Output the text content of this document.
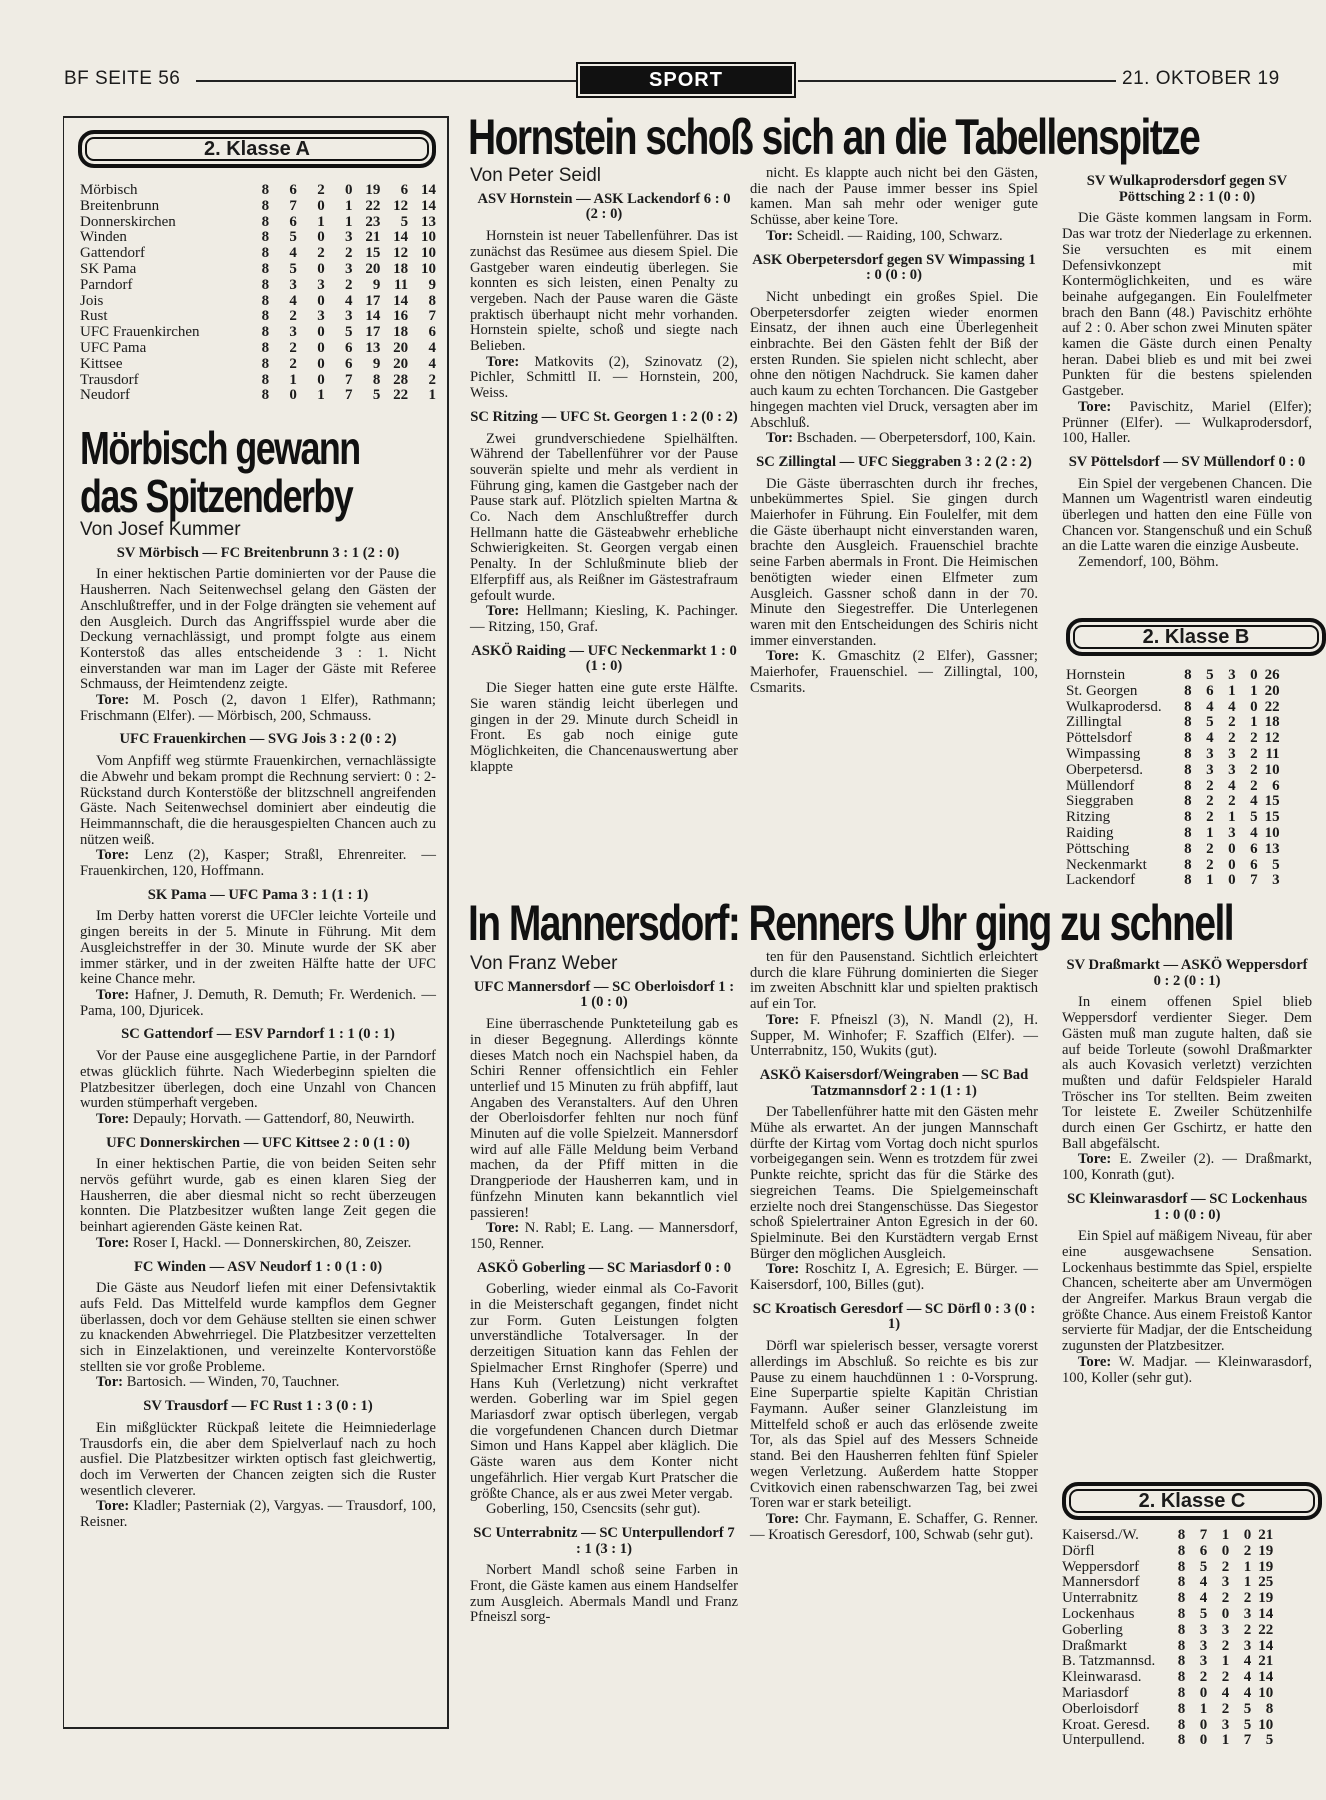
BF SEITE 56	SPORT	21. OKTOBER 19
2. Klasse A
Mörbisch	8	6	2	0	19	6	14
Breitenbrunn	8	7	0	1	22	12	14
Donnerskirchen	8	6	1	1	23	5	13
Winden	8	5	0	3	21	14	10
Gattendorf	8	4	2	2	15	12	10
SK Pama	8	5	0	3	20	18	10
Parndorf	8	3	3	2	9	11	9
Jois	8	4	0	4	17	14	8
Rust	8	2	3	3	14	16	7
UFC Frauenkirchen	8	3	0	5	17	18	6
UFC Pama	8	2	0	6	13	20	4
Kittsee	8	2	0	6	9	20	4
Trausdorf	8	1	0	7	8	28	2
Neudorf	8	0	1	7	5	22	1
Mörbisch gewann
das Spitzenderby
Von Josef Kummer
SV Mörbisch — FC Breitenbrunn 3 : 1 (2 : 0)
In einer hektischen Partie dominierten vor der Pause die Hausherren. Nach Seitenwechsel gelang den Gästen der Anschlußtreffer, und in der Folge drängten sie vehement auf den Ausgleich. Durch das Angriffsspiel wurde aber die Deckung vernachlässigt, und prompt folgte aus einem Konterstoß das alles entscheidende 3 : 1. Nicht einverstanden war man im Lager der Gäste mit Referee Schmauss, der Heimtendenz zeigte.
Tore: M. Posch (2, davon 1 Elfer), Rathmann; Frischmann (Elfer). — Mörbisch, 200, Schmauss.
UFC Frauenkirchen — SVG Jois 3 : 2 (0 : 2)
Vom Anpfiff weg stürmte Frauenkirchen, vernachlässigte die Abwehr und bekam prompt die Rechnung serviert: 0 : 2-Rückstand durch Konterstöße der blitzschnell angreifenden Gäste. Nach Seitenwechsel dominiert aber eindeutig die Heimmannschaft, die die herausgespielten Chancen auch zu nützen weiß.
Tore: Lenz (2), Kasper; Straßl, Ehrenreiter. — Frauenkirchen, 120, Hoffmann.
SK Pama — UFC Pama 3 : 1 (1 : 1)
Im Derby hatten vorerst die UFCler leichte Vorteile und gingen bereits in der 5. Minute in Führung. Mit dem Ausgleichstreffer in der 30. Minute wurde der SK aber immer stärker, und in der zweiten Hälfte hatte der UFC keine Chance mehr.
Tore: Hafner, J. Demuth, R. Demuth; Fr. Werdenich. — Pama, 100, Djuricek.
SC Gattendorf — ESV Parndorf 1 : 1 (0 : 1)
Vor der Pause eine ausgeglichene Partie, in der Parndorf etwas glücklich führte. Nach Wiederbeginn spielten die Platzbesitzer überlegen, doch eine Unzahl von Chancen wurden stümperhaft vergeben.
Tore: Depauly; Horvath. — Gattendorf, 80, Neuwirth.
UFC Donnerskirchen — UFC Kittsee 2 : 0 (1 : 0)
In einer hektischen Partie, die von beiden Seiten sehr nervös geführt wurde, gab es einen klaren Sieg der Hausherren, die aber diesmal nicht so recht überzeugen konnten. Die Platzbesitzer wußten lange Zeit gegen die beinhart agierenden Gäste keinen Rat.
Tore: Roser I, Hackl. — Donnerskirchen, 80, Zeiszer.
FC Winden — ASV Neudorf 1 : 0 (1 : 0)
Die Gäste aus Neudorf liefen mit einer Defensivtaktik aufs Feld. Das Mittelfeld wurde kampflos dem Gegner überlassen, doch vor dem Gehäuse stellten sie einen schwer zu knackenden Abwehrriegel. Die Platzbesitzer verzettelten sich in Einzelaktionen, und vereinzelte Kontervorstöße stellten sie vor große Probleme.
Tor: Bartosich. — Winden, 70, Tauchner.
SV Trausdorf — FC Rust 1 : 3 (0 : 1)
Ein mißglückter Rückpaß leitete die Heimniederlage Trausdorfs ein, die aber dem Spielverlauf nach zu hoch ausfiel. Die Platzbesitzer wirkten optisch fast gleichwertig, doch im Verwerten der Chancen zeigten sich die Ruster wesentlich cleverer.
Tore: Kladler; Pasterniak (2), Vargyas. — Trausdorf, 100, Reisner.
Hornstein schoß sich an die Tabellenspitze
Von Peter Seidl
ASV Hornstein — ASK Lackendorf 6 : 0 (2 : 0)
Hornstein ist neuer Tabellenführer. Das ist zunächst das Resümee aus diesem Spiel. Die Gastgeber waren eindeutig überlegen. Sie konnten es sich leisten, einen Penalty zu vergeben. Nach der Pause waren die Gäste praktisch überhaupt nicht mehr vorhanden. Hornstein spielte, schoß und siegte nach Belieben.
Tore: Matkovits (2), Szinovatz (2), Pichler, Schmittl II. — Hornstein, 200, Weiss.
SC Ritzing — UFC St. Georgen 1 : 2 (0 : 2)
Zwei grundverschiedene Spielhälften. Während der Tabellenführer vor der Pause souverän spielte und mehr als verdient in Führung ging, kamen die Gastgeber nach der Pause stark auf. Plötzlich spielten Martna & Co. Nach dem Anschlußtreffer durch Hellmann hatte die Gästeabwehr erhebliche Schwierigkeiten. St. Georgen vergab einen Penalty. In der Schlußminute blieb der Elferpfiff aus, als Reißner im Gästestrafraum gefoult wurde.
Tore: Hellmann; Kiesling, K. Pachinger. — Ritzing, 150, Graf.
ASKÖ Raiding — UFC Neckenmarkt 1 : 0 (1 : 0)
Die Sieger hatten eine gute erste Hälfte. Sie waren ständig leicht überlegen und gingen in der 29. Minute durch Scheidl in Front. Es gab noch einige gute Möglichkeiten, die Chancenauswertung aber klappte
nicht. Es klappte auch nicht bei den Gästen, die nach der Pause immer besser ins Spiel kamen. Man sah mehr oder weniger gute Schüsse, aber keine Tore.
Tor: Scheidl. — Raiding, 100, Schwarz.
ASK Oberpetersdorf gegen SV Wimpassing 1 : 0 (0 : 0)
Nicht unbedingt ein großes Spiel. Die Oberpetersdorfer zeigten wieder enormen Einsatz, der ihnen auch eine Überlegenheit einbrachte. Bei den Gästen fehlt der Biß der ersten Runden. Sie spielen nicht schlecht, aber ohne den nötigen Nachdruck. Sie kamen daher auch kaum zu echten Torchancen. Die Gastgeber hingegen machten viel Druck, versagten aber im Abschluß.
Tor: Bschaden. — Oberpetersdorf, 100, Kain.
SC Zillingtal — UFC Sieggraben 3 : 2 (2 : 2)
Die Gäste überraschten durch ihr freches, unbekümmertes Spiel. Sie gingen durch Maierhofer in Führung. Ein Foulelfer, mit dem die Gäste überhaupt nicht einverstanden waren, brachte den Ausgleich. Frauenschiel brachte seine Farben abermals in Front. Die Heimischen benötigten wieder einen Elfmeter zum Ausgleich. Gassner schoß dann in der 70. Minute den Siegestreffer. Die Unterlegenen waren mit den Entscheidungen des Schiris nicht immer einverstanden.
Tore: K. Gmaschitz (2 Elfer), Gassner; Maierhofer, Frauenschiel. — Zillingtal, 100, Csmarits.
SV Wulkaprodersdorf gegen SV Pöttsching 2 : 1 (0 : 0)
Die Gäste kommen langsam in Form. Das war trotz der Niederlage zu erkennen. Sie versuchten es mit einem Defensivkonzept mit Kontermöglichkeiten, und es wäre beinahe aufgegangen. Ein Foulelfmeter brach den Bann (48.) Pavischitz erhöhte auf 2 : 0. Aber schon zwei Minuten später kamen die Gäste durch einen Penalty heran. Dabei blieb es und mit bei zwei Punkten für die bestens spielenden Gastgeber.
Tore: Pavischitz, Mariel (Elfer); Prünner (Elfer). — Wulkaprodersdorf, 100, Haller.
SV Pöttelsdorf — SV Müllendorf 0 : 0
Ein Spiel der vergebenen Chancen. Die Mannen um Wagentristl waren eindeutig überlegen und hatten den eine Fülle von Chancen vor. Stangenschuß und ein Schuß an die Latte waren die einzige Ausbeute.
Zemendorf, 100, Böhm.
2. Klasse B
Hornstein	8	5	3	0	26
St. Georgen	8	6	1	1	20
Wulkaprodersd.	8	4	4	0	22
Zillingtal	8	5	2	1	18
Pöttelsdorf	8	4	2	2	12
Wimpassing	8	3	3	2	11
Oberpetersd.	8	3	3	2	10
Müllendorf	8	2	4	2	6
Sieggraben	8	2	2	4	15
Ritzing	8	2	1	5	15
Raiding	8	1	3	4	10
Pöttsching	8	2	0	6	13
Neckenmarkt	8	2	0	6	5
Lackendorf	8	1	0	7	3
In Mannersdorf: Renners Uhr ging zu schnell
Von Franz Weber
UFC Mannersdorf — SC Oberloisdorf 1 : 1 (0 : 0)
Eine überraschende Punkteteilung gab es in dieser Begegnung. Allerdings könnte dieses Match noch ein Nachspiel haben, da Schiri Renner offensichtlich ein Fehler unterlief und 15 Minuten zu früh abpfiff, laut Angaben des Veranstalters. Auf den Uhren der Oberloisdorfer fehlten nur noch fünf Minuten auf die volle Spielzeit. Mannersdorf wird auf alle Fälle Meldung beim Verband machen, da der Pfiff mitten in die Drangperiode der Hausherren kam, und in fünfzehn Minuten kann bekanntlich viel passieren!
Tore: N. Rabl; E. Lang. — Mannersdorf, 150, Renner.
ASKÖ Goberling — SC Mariasdorf 0 : 0
Goberling, wieder einmal als Co-Favorit in die Meisterschaft gegangen, findet nicht zur Form. Guten Leistungen folgten unverständliche Totalversager. In der derzeitigen Situation kann das Fehlen der Spielmacher Ernst Ringhofer (Sperre) und Hans Kuh (Verletzung) nicht verkraftet werden. Goberling war im Spiel gegen Mariasdorf zwar optisch überlegen, vergab die vorgefundenen Chancen durch Dietmar Simon und Hans Kappel aber kläglich. Die Gäste waren aus dem Konter nicht ungefährlich. Hier vergab Kurt Pratscher die größte Chance, als er aus zwei Meter vergab.
Goberling, 150, Csencsits (sehr gut).
SC Unterrabnitz — SC Unterpullendorf 7 : 1 (3 : 1)
Norbert Mandl schoß seine Farben in Front, die Gäste kamen aus einem Handselfer zum Ausgleich. Abermals Mandl und Franz Pfneiszl sorg-
ten für den Pausenstand. Sichtlich erleichtert durch die klare Führung dominierten die Sieger im zweiten Abschnitt klar und spielten praktisch auf ein Tor.
Tore: F. Pfneiszl (3), N. Mandl (2), H. Supper, M. Winhofer; F. Szaffich (Elfer). — Unterrabnitz, 150, Wukits (gut).
ASKÖ Kaisersdorf/Weingraben — SC Bad Tatzmannsdorf 2 : 1 (1 : 1)
Der Tabellenführer hatte mit den Gästen mehr Mühe als erwartet. An der jungen Mannschaft dürfte der Kirtag vom Vortag doch nicht spurlos vorbeigegangen sein. Wenn es trotzdem für zwei Punkte reichte, spricht das für die Stärke des siegreichen Teams. Die Spielgemeinschaft erzielte noch drei Stangenschüsse. Das Siegestor schoß Spielertrainer Anton Egresich in der 60. Spielminute. Bei den Kurstädtern vergab Ernst Bürger den möglichen Ausgleich.
Tore: Roschitz I, A. Egresich; E. Bürger. — Kaisersdorf, 100, Billes (gut).
SC Kroatisch Geresdorf — SC Dörfl 0 : 3 (0 : 1)
Dörfl war spielerisch besser, versagte vorerst allerdings im Abschluß. So reichte es bis zur Pause zu einem hauchdünnen 1 : 0-Vorsprung. Eine Superpartie spielte Kapitän Christian Faymann. Außer seiner Glanzleistung im Mittelfeld schoß er auch das erlösende zweite Tor, als das Spiel auf des Messers Schneide stand. Bei den Hausherren fehlten fünf Spieler wegen Verletzung. Außerdem hatte Stopper Cvitkovich einen rabenschwarzen Tag, bei zwei Toren war er stark beteiligt.
Tore: Chr. Faymann, E. Schaffer, G. Renner. — Kroatisch Geresdorf, 100, Schwab (sehr gut).
SV Draßmarkt — ASKÖ Weppersdorf 0 : 2 (0 : 1)
In einem offenen Spiel blieb Weppersdorf verdienter Sieger. Dem Gästen muß man zugute halten, daß sie auf beide Torleute (sowohl Draßmarkter als auch Kovasich verletzt) verzichten mußten und dafür Feldspieler Harald Tröscher ins Tor stellten. Beim zweiten Tor leistete E. Zweiler Schützenhilfe durch einen Ger Gschirtz, er hatte den Ball abgefälscht.
Tore: E. Zweiler (2). — Draßmarkt, 100, Konrath (gut).
SC Kleinwarasdorf — SC Lockenhaus 1 : 0 (0 : 0)
Ein Spiel auf mäßigem Niveau, für aber eine ausgewachsene Sensation. Lockenhaus bestimmte das Spiel, erspielte Chancen, scheiterte aber am Unvermögen der Angreifer. Markus Braun vergab die größte Chance. Aus einem Freistoß Kantor servierte für Madjar, der die Entscheidung zugunsten der Platzbesitzer.
Tore: W. Madjar. — Kleinwarasdorf, 100, Koller (sehr gut).
2. Klasse C
Kaisersd./W.	8	7	1	0	21
Dörfl	8	6	0	2	19
Weppersdorf	8	5	2	1	19
Mannersdorf	8	4	3	1	25
Unterrabnitz	8	4	2	2	19
Lockenhaus	8	5	0	3	14
Goberling	8	3	3	2	22
Draßmarkt	8	3	2	3	14
B. Tatzmannsd.	8	3	1	4	21
Kleinwarasd.	8	2	2	4	14
Mariasdorf	8	0	4	4	10
Oberloisdorf	8	1	2	5	8
Kroat. Geresd.	8	0	3	5	10
Unterpullend.	8	0	1	7	5
